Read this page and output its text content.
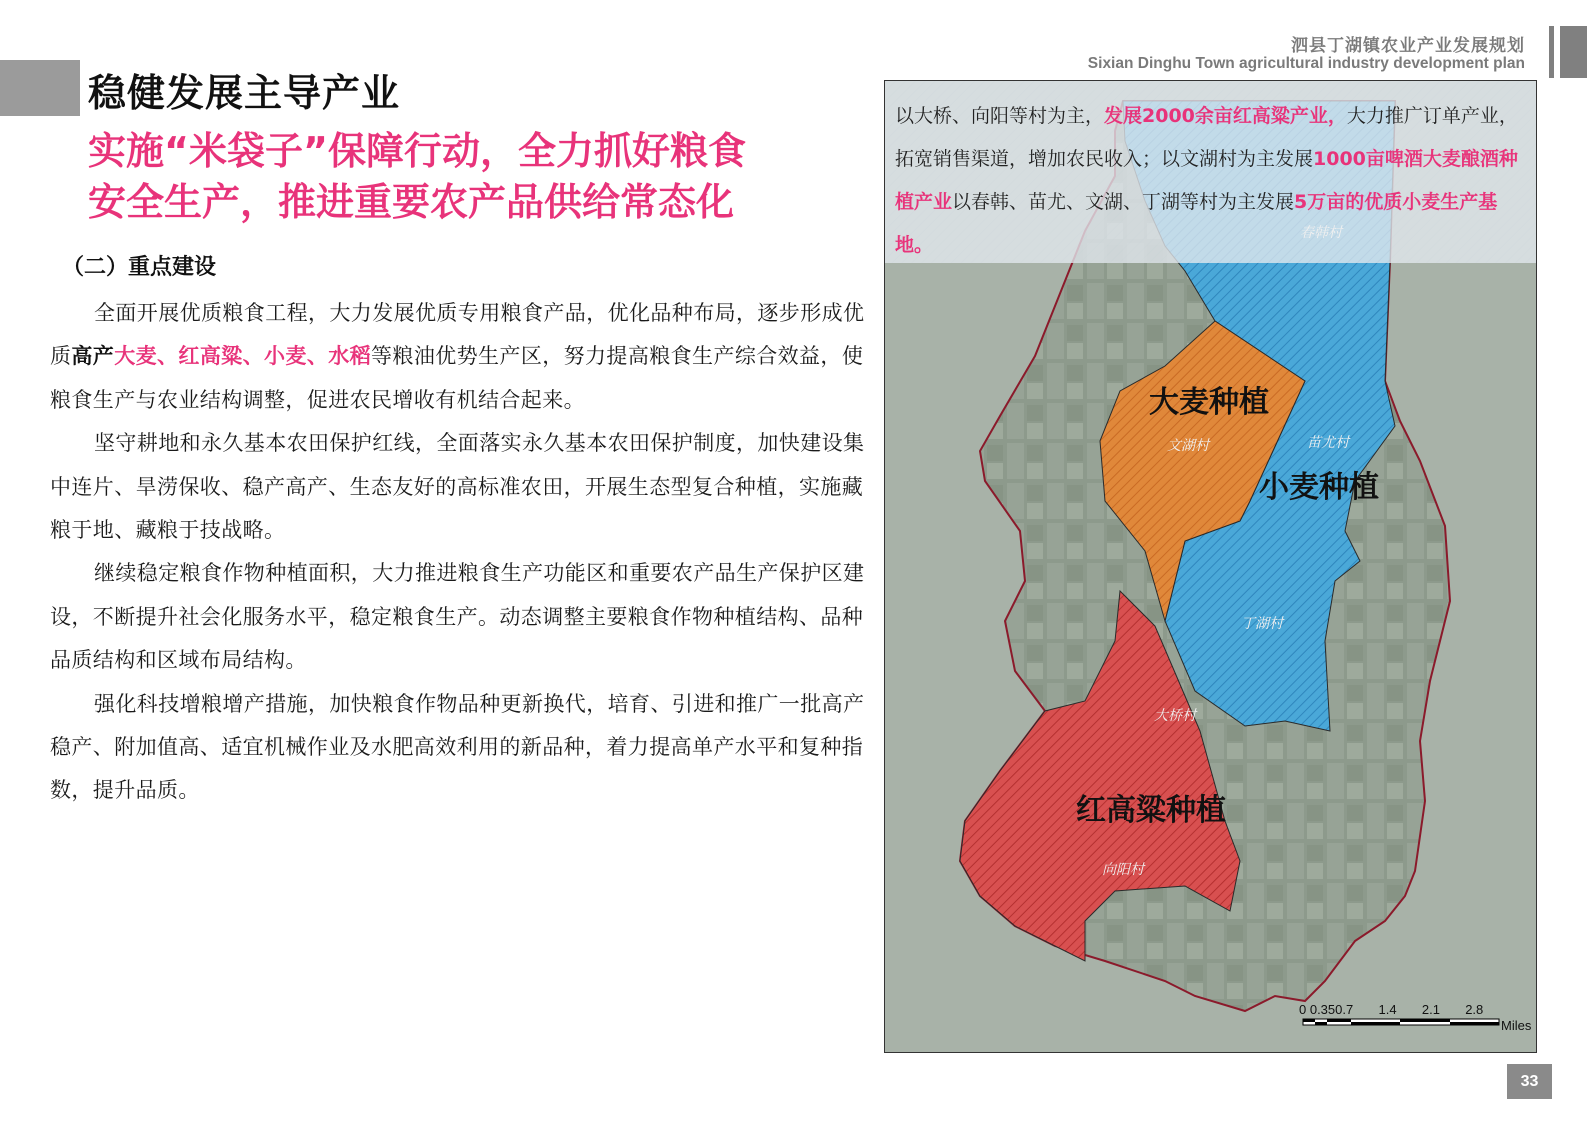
泗县丁湖镇农业产业发展规划
Sixian Dinghu Town agricultural industry development plan
稳健发展主导产业
实施“米袋子”保障行动，全力抓好粮食
安全生产，推进重要农产品供给常态化
（二）重点建设

全面开展优质粮食工程，大力发展优质专用粮食产品，优化品种布局，逐步形成优质高产大麦、红高粱、小麦、水稻等粮油优势生产区，努力提高粮食生产综合效益，使粮食生产与农业结构调整，促进农民增收有机结合起来。

坚守耕地和永久基本农田保护红线，全面落实永久基本农田保护制度，加快建设集中连片、旱涝保收、稳产高产、生态友好的高标准农田，开展生态型复合种植，实施藏粮于地、藏粮于技战略。

继续稳定粮食作物种植面积，大力推进粮食生产功能区和重要农产品生产保护区建设，不断提升社会化服务水平，稳定粮食生产。动态调整主要粮食作物种植结构、品种品质结构和区域布局结构。

强化科技增粮增产措施，加快粮食作物品种更新换代，培育、引进和推广一批高产稳产、附加值高、适宜机械作业及水肥高效利用的新品种，着力提高单产水平和复种指数，提升品质。

以大桥、向阳等村为主，发展2000余亩红高粱产业，大力推广订单产业，拓宽销售渠道，增加农民收入；以文湖村为主发展1000亩啤酒大麦酿酒种植产业以春韩、苗尤、文湖、丁湖等村为主发展5万亩的优质小麦生产基地。
春韩村
大麦种植
文湖村	苗尤村
小麦种植
丁湖村
大桥村
红高粱种植
向阳村
0 0.350.7       1.4       2.1       2.8
Miles
33
